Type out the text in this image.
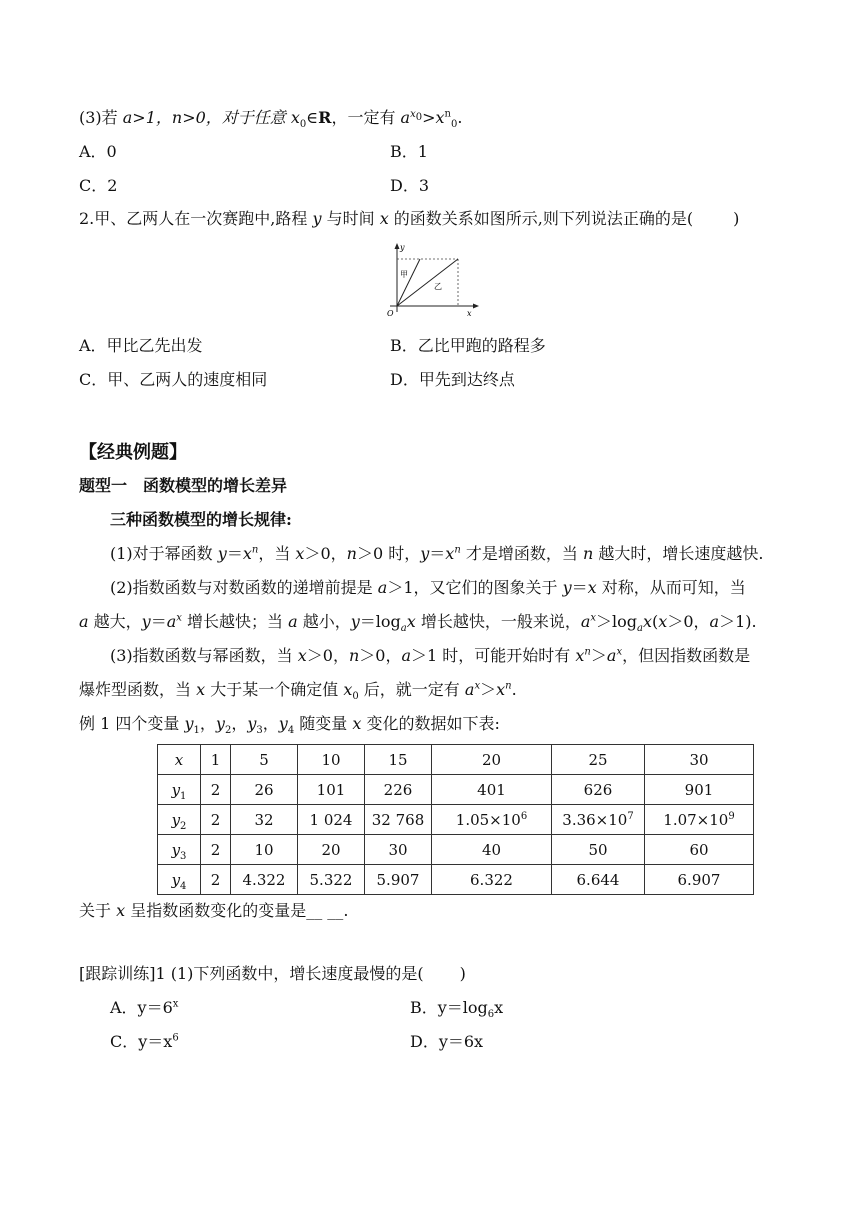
(3)若 a>1，n>0，对于任意 $x_0\in R$，一定有 $a^{x_0}>x^n_0$.
A．0	B．1
C．2	D．3
2.甲、乙两人在一次赛跑中,路程 y 与时间 x 的函数关系如图所示,则下列说法正确的是(	)
y
x
O
甲
乙
A．甲比乙先出发	B．乙比甲跑的路程多
C．甲、乙两人的速度相同	D．甲先到达终点
【经典例题】
题型一　函数模型的增长差异
三种函数模型的增长规律:
(1)对于幂函数 $y=x^n$，当 x＞0，n＞0 时，$y=x^n$ 才是增函数，当 n 越大时，增长速度越快.
(2)指数函数与对数函数的递增前提是 a＞1，又它们的图象关于 y＝x 对称，从而可知，当
a 越大，$y=a^x$ 增长越快；当 a 越小，$y=\log_ax$ 增长越快，一般来说，$a^x>\log_ax(x>0$，a＞1).
(3)指数函数与幂函数，当 x＞0，n＞0，a＞1 时，可能开始时有 $x^n>a^x$，但因指数函数是
爆炸型函数，当 x 大于某一个确定值 $x_0$ 后，就一定有 $a^x>x^n$.
例 1 四个变量 $y_1$，$y_2$，$y_3$，$y_4$ 随变量 x 变化的数据如下表:
x	1	5	10	15	20	25	30
$y_1$	2	26	101	226	401	626	901
$y_2$	2	32	1 024	32 768	$1.05\times 10^6$	$3.36\times 10^7$	$1.07\times 10^9$
$y_3$	2	10	20	30	40	50	60
$y_4$	2	4.322	5.322	5.907	6.322	6.644	6.907
关于 x 呈指数函数变化的变量是__ __.
[跟踪训练]1 (1)下列函数中，增长速度最慢的是( )
A．$y=6^x$	B．$y=\log_6x$
C．$y=x^6$	D．y＝6x
